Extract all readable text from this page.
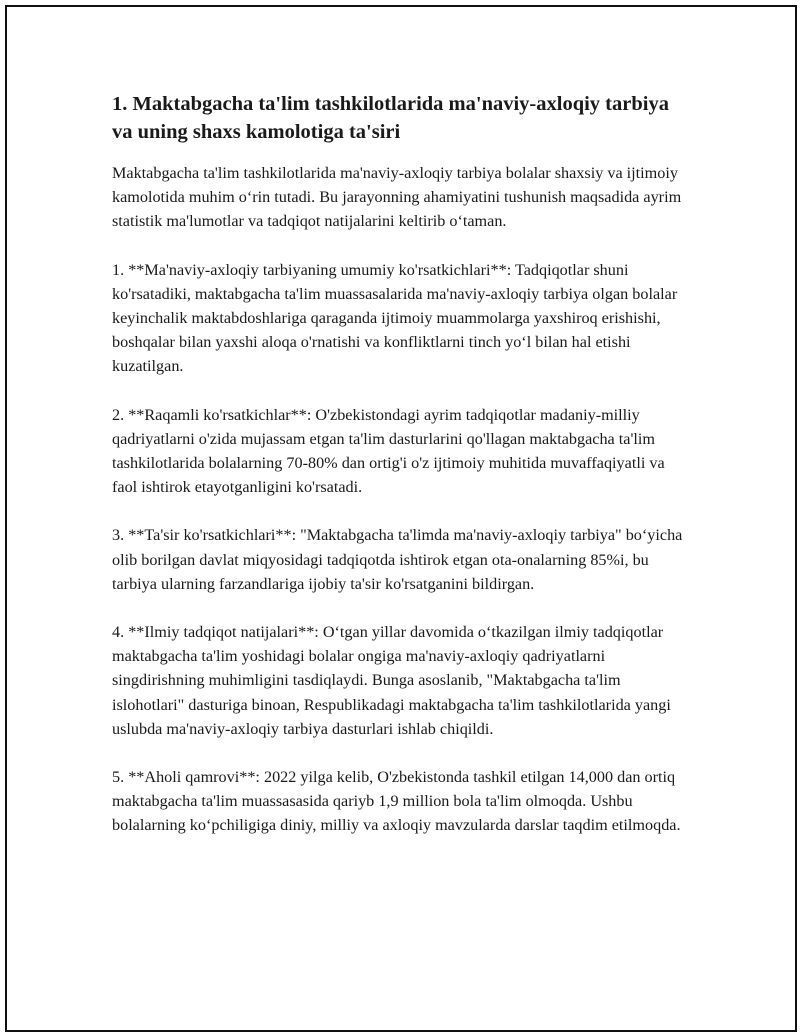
1. Maktabgacha ta'lim tashkilotlarida ma'naviy-axloqiy tarbiya va uning shaxs kamolotiga ta'siri

Maktabgacha ta'lim tashkilotlarida ma'naviy-axloqiy tarbiya bolalar shaxsiy va ijtimoiy kamolotida muhim o‘rin tutadi. Bu jarayonning ahamiyatini tushunish maqsadida ayrim statistik ma'lumotlar va tadqiqot natijalarini keltirib o‘taman.

1. **Ma'naviy-axloqiy tarbiyaning umumiy ko'rsatkichlari**: Tadqiqotlar shuni ko'rsatadiki, maktabgacha ta'lim muassasalarida ma'naviy-axloqiy tarbiya olgan bolalar keyinchalik maktabdoshlariga qaraganda ijtimoiy muammolarga yaxshiroq erishishi, boshqalar bilan yaxshi aloqa o'rnatishi va konfliktlarni tinch yo‘l bilan hal etishi kuzatilgan.

2. **Raqamli ko'rsatkichlar**: O'zbekistondagi ayrim tadqiqotlar madaniy-milliy qadriyatlarni o'zida mujassam etgan ta'lim dasturlarini qo'llagan maktabgacha ta'lim tashkilotlarida bolalarning 70-80% dan ortig'i o'z ijtimoiy muhitida muvaffaqiyatli va faol ishtirok etayotganligini ko'rsatadi.

3. **Ta'sir ko'rsatkichlari**: "Maktabgacha ta'limda ma'naviy-axloqiy tarbiya" bo‘yicha olib borilgan davlat miqyosidagi tadqiqotda ishtirok etgan ota-onalarning 85%i, bu tarbiya ularning farzandlariga ijobiy ta'sir ko'rsatganini bildirgan.

4. **Ilmiy tadqiqot natijalari**: O‘tgan yillar davomida o‘tkazilgan ilmiy tadqiqotlar maktabgacha ta'lim yoshidagi bolalar ongiga ma'naviy-axloqiy qadriyatlarni singdirishning muhimligini tasdiqlaydi. Bunga asoslanib, "Maktabgacha ta'lim islohotlari" dasturiga binoan, Respublikadagi maktabgacha ta'lim tashkilotlarida yangi uslubda ma'naviy-axloqiy tarbiya dasturlari ishlab chiqildi.

5. **Aholi qamrovi**: 2022 yilga kelib, O'zbekistonda tashkil etilgan 14,000 dan ortiq maktabgacha ta'lim muassasasida qariyb 1,9 million bola ta'lim olmoqda. Ushbu bolalarning ko‘pchiligiga diniy, milliy va axloqiy mavzularda darslar taqdim etilmoqda.
